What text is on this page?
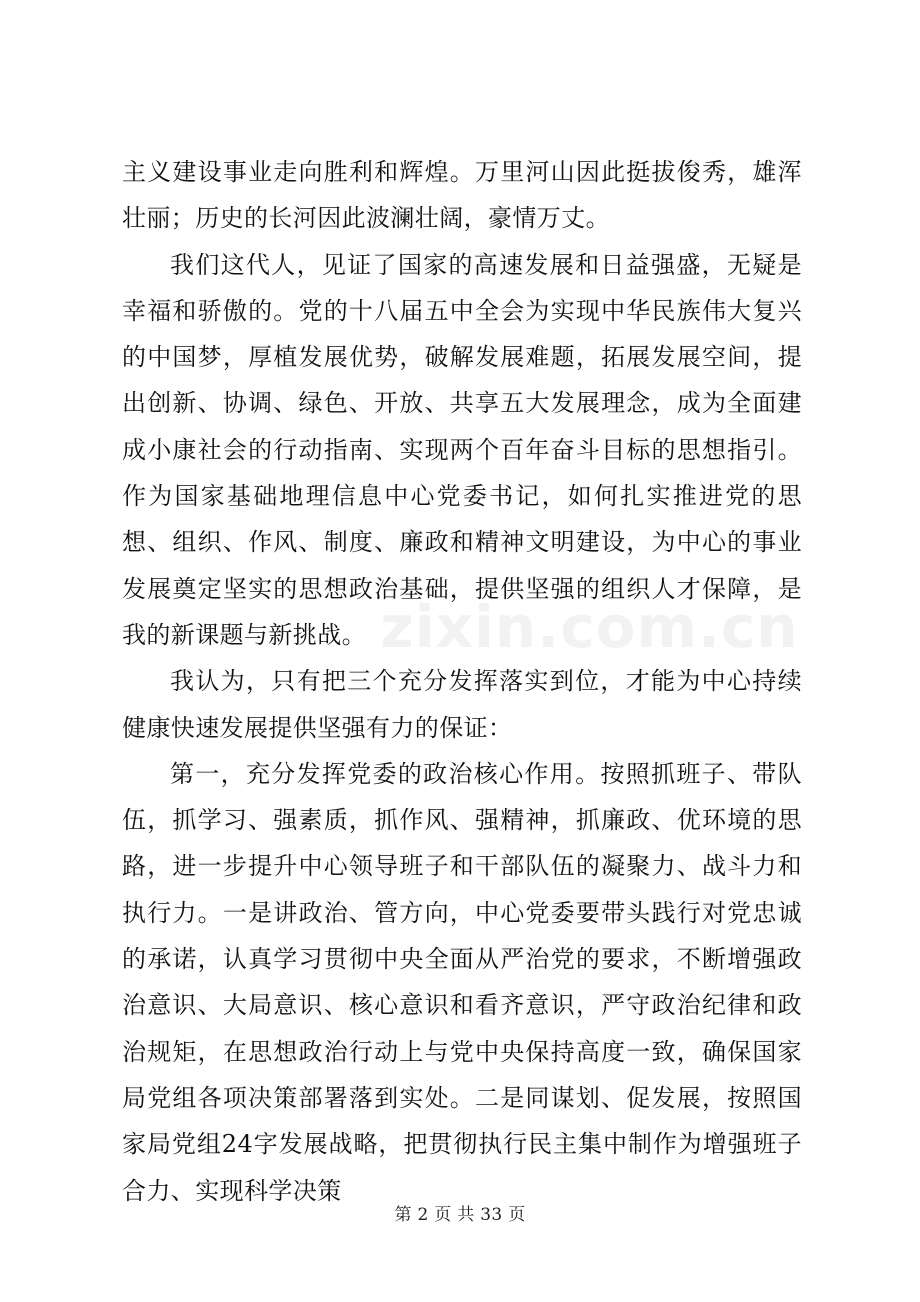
主义建设事业走向胜利和辉煌。万里河山因此挺拔俊秀，雄浑壮丽；历史的长河因此波澜壮阔，豪情万丈。

我们这代人，见证了国家的高速发展和日益强盛，无疑是幸福和骄傲的。党的十八届五中全会为实现中华民族伟大复兴的中国梦，厚植发展优势，破解发展难题，拓展发展空间，提出创新、协调、绿色、开放、共享五大发展理念，成为全面建成小康社会的行动指南、实现两个百年奋斗目标的思想指引。作为国家基础地理信息中心党委书记，如何扎实推进党的思想、组织、作风、制度、廉政和精神文明建设，为中心的事业发展奠定坚实的思想政治基础，提供坚强的组织人才保障，是我的新课题与新挑战。

我认为，只有把三个充分发挥落实到位，才能为中心持续健康快速发展提供坚强有力的保证：

第一，充分发挥党委的政治核心作用。按照抓班子、带队伍，抓学习、强素质，抓作风、强精神，抓廉政、优环境的思路，进一步提升中心领导班子和干部队伍的凝聚力、战斗力和执行力。一是讲政治、管方向，中心党委要带头践行对党忠诚的承诺，认真学习贯彻中央全面从严治党的要求，不断增强政治意识、大局意识、核心意识和看齐意识，严守政治纪律和政治规矩，在思想政治行动上与党中央保持高度一致，确保国家局党组各项决策部署落到实处。二是同谋划、促发展，按照国家局党组24字发展战略，把贯彻执行民主集中制作为增强班子合力、实现科学决策

zixin.com.cn
第 2 页 共 33 页
